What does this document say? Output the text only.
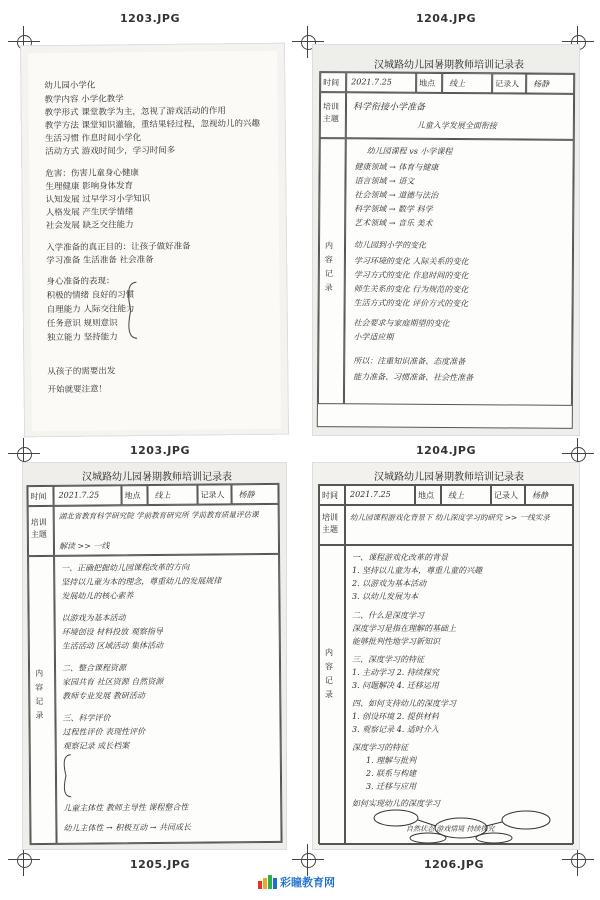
1203.JPG	1204.JPG
1203.JPG	1204.JPG
1205.JPG	1206.JPG
幼儿园小学化
教学内容 小学化教学
教学形式 课堂教学为主，忽视了游戏活动的作用
教学方法 课堂知识灌输，重结果轻过程，忽视幼儿的兴趣
生活习惯 作息时间小学化
活动方式 游戏时间少，学习时间多
危害：伤害儿童身心健康
生理健康 影响身体发育
认知发展 过早学习小学知识
人格发展 产生厌学情绪
社会发展 缺乏交往能力
入学准备的真正目的：让孩子做好准备
学习准备 生活准备 社会准备
身心准备的表现：
积极的情绪 良好的习惯
自理能力 人际交往能力
任务意识 规则意识
独立能力 坚持能力
从孩子的需要出发
开始就要注意！
汉城路幼儿园暑期教师培训记录表
时间 2021.7.25	地点 线上	记录人 杨静
培训主题
科学衔接小学准备
儿童入学发展全面衔接
内容记录
幼儿园课程 vs 小学课程
健康领域 → 体育与健康
语言领域 → 语文
社会领域 → 道德与法治
科学领域 → 数学 科学
艺术领域 → 音乐 美术
幼儿园到小学的变化
学习环境的变化 人际关系的变化
学习方式的变化 作息时间的变化
师生关系的变化 行为规范的变化
生活方式的变化 评价方式的变化
社会要求与家庭期望的变化
小学适应期
所以：注重知识准备、态度准备
能力准备、习惯准备、社会性准备
汉城路幼儿园暑期教师培训记录表
时间 2021.7.25	地点 线上	记录人 杨静
培训主题
湖北省教育科学研究院 学前教育研究所 学前教育质量评估课
解读 >> 一线
内容记录
一、正确把握幼儿园课程改革的方向
坚持以儿童为本的理念，尊重幼儿的发展规律
发展幼儿的核心素养
以游戏为基本活动
环境创设 材料投放 观察指导
生活活动 区域活动 集体活动
二、整合课程资源
家园共育 社区资源 自然资源
教师专业发展 教研活动
三、科学评价
过程性评价 表现性评价
观察记录 成长档案
儿童主体性 教师主导性 课程整合性
幼儿主体性 → 积极互动 → 共同成长
汉城路幼儿园暑期教师培训记录表
时间 2021.7.25	地点 线上	记录人 杨静
培训主题
幼儿园课程游戏化背景下 幼儿深度学习的研究 >> 一线实录
内容记录
一、课程游戏化改革的背景
1. 坚持以儿童为本，尊重儿童的兴趣
2. 以游戏为基本活动
3. 以幼儿发展为本
二、什么是深度学习
深度学习是指在理解的基础上
能够批判性地学习新知识
三、深度学习的特征
1. 主动学习 2. 持续探究
3. 问题解决 4. 迁移运用
四、如何支持幼儿的深度学习
1. 创设环境 2. 提供材料
3. 观察记录 4. 适时介入
深度学习的特征
1. 理解与批判
2. 联系与构建
3. 迁移与应用
如何实现幼儿的深度学习
自然状态 游戏情境 持续探究
彩瞳教育网
